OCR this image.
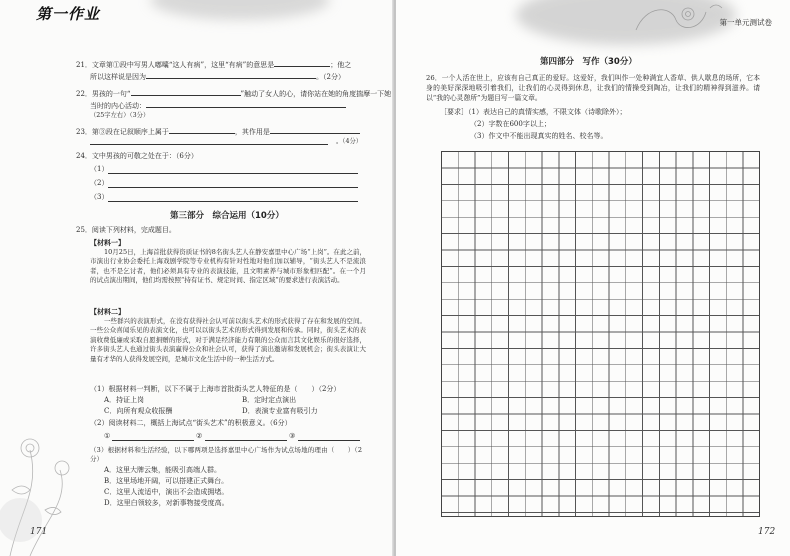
第一作业
21．文章第①段中写男人嘟囔“这人有病”，这里“有病”的意思是	；他之
所以这样说是因为	。（2分）
22．男孩的一句“	”触动了女人的心，请你站在她的角度揣摩一下她
当时的内心活动：
（25字左右）（3分）
23．第③段在记叙顺序上属于	，其作用是
。（4分）
24．文中男孩的可敬之处在于：（6分）
（1）
（2）
（3）
第三部分　综合运用（10分）
25．阅读下列材料，完成题目。
【材料一】
10月25日，上海首批获得资质证书的8名街头艺人在静安嘉里中心广场“上岗”。在此之前，市演出行业协会委托上海戏剧学院等专业机构有针对性地对他们加以辅导，“街头艺人不是流浪者，也不是乞讨者，他们必须具有专业的表演技能，且文明素养与城市形象相匹配”。在一个月的试点演出期间，他们均需按照“持有证书、规定时间、指定区域”的要求进行表演活动。
【材料二】
一些群兴的表演形式，在没有获得社会认可前以街头艺术的形式获得了存在和发展的空间。一些公众喜闻乐见的表演文化，也可以以街头艺术的形式得到发展和传承。同时，街头艺术的表演收费低廉或采取自愿捐赠的形式，对于满足经济能力有限的公众而言其文化娱乐的很好选择，许多街头艺人也通过街头表演赢得公众和社会认可，获得了演出邀请和发展机会；街头表演让大量有才华的人获得发展空间，是城市文化生活中的一种生活方式。
（1）根据材料一判断，以下不属于上海市首批街头艺人特征的是（　　）（2分）
A．持证上岗	B．定时定点演出
C．向所有观众收报酬	D．表演专业富有吸引力
（2）阅读材料二，概括上海试点“街头艺术”的积极意义。（6分）
①	②	③
（3）根据材料和生活经验，以下哪两项是选择嘉里中心广场作为试点场地的理由（　　）（2分）
A．这里大牌云集，能吸引高端人群。
B．这里场地开阔，可以搭建正式舞台。
C．这里人流适中，演出不会造成拥堵。
D．这里白领较多，对新事物接受度高。
171
第一单元测试卷
第四部分　写作（30分）
26．一个人活在世上，应该有自己真正的爱好。这爱好，我们叫作一处种满宜人香草、供人歇息的场所，它本身的美好深深地吸引着我们，让我们的心灵得到休息，让我们的情操受到陶冶，让我们的精神得到滋养。请以“我的心灵憩所”为题目写一篇文章。
［要求］（1）表达自己的真情实感，不限文体（诗歌除外）；
（2）字数在600字以上；
（3）作文中不能出现真实的姓名、校名等。
172
